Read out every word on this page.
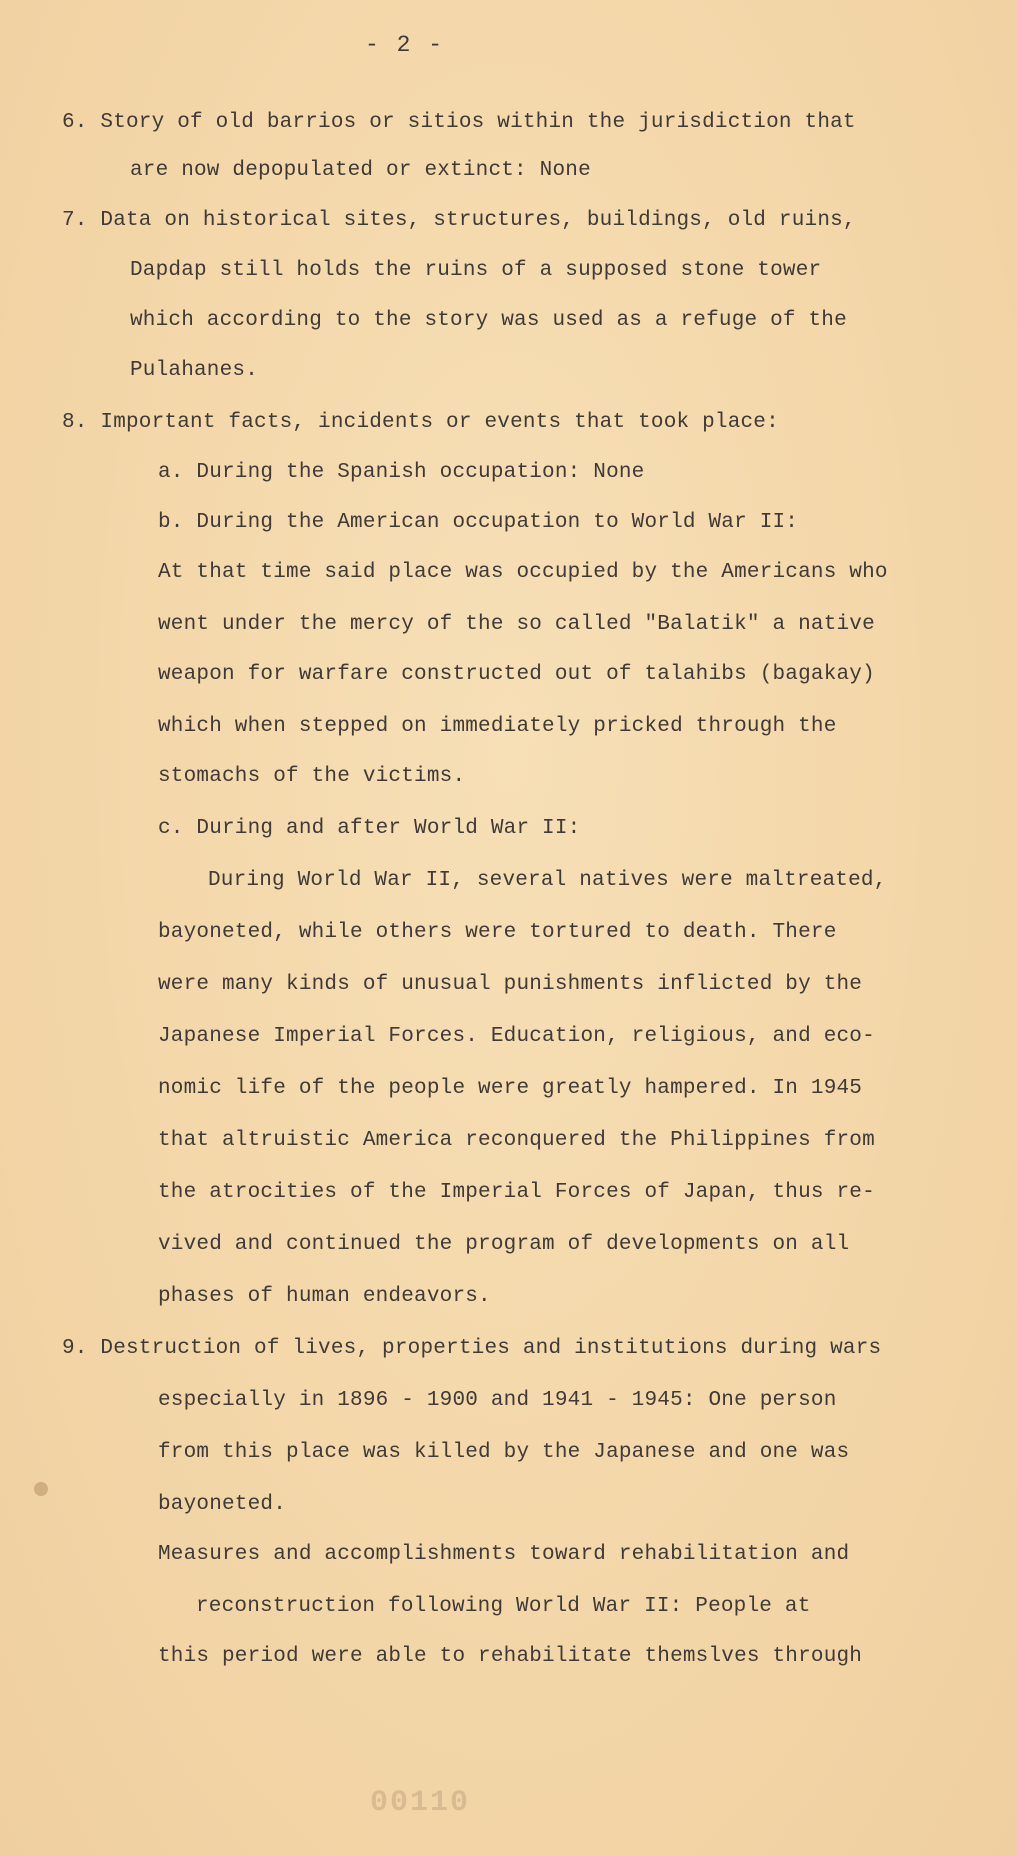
- 2 -
6. Story of old barrios or sitios within the jurisdiction that
are now depopulated or extinct: None
7. Data on historical sites, structures, buildings, old ruins,
Dapdap still holds the ruins of a supposed stone tower
which according to the story was used as a refuge of the
Pulahanes.
8. Important facts, incidents or events that took place:
a. During the Spanish occupation: None
b. During the American occupation to World War II:
At that time said place was occupied by the Americans who
went under the mercy of the so called "Balatik" a native
weapon for warfare constructed out of talahibs (bagakay)
which when stepped on immediately pricked through the
stomachs of the victims.
c. During and after World War II:
During World War II, several natives were maltreated,
bayoneted, while others were tortured to death. There
were many kinds of unusual punishments inflicted by the
Japanese Imperial Forces. Education, religious, and eco-
nomic life of the people were greatly hampered. In 1945
that altruistic America reconquered the Philippines from
the atrocities of the Imperial Forces of Japan, thus re-
vived and continued the program of developments on all
phases of human endeavors.
9. Destruction of lives, properties and institutions during wars
especially in 1896 - 1900 and 1941 - 1945: One person
from this place was killed by the Japanese and one was
bayoneted.
Measures and accomplishments toward rehabilitation and
reconstruction following World War II: People at
this period were able to rehabilitate themslves through
00110
